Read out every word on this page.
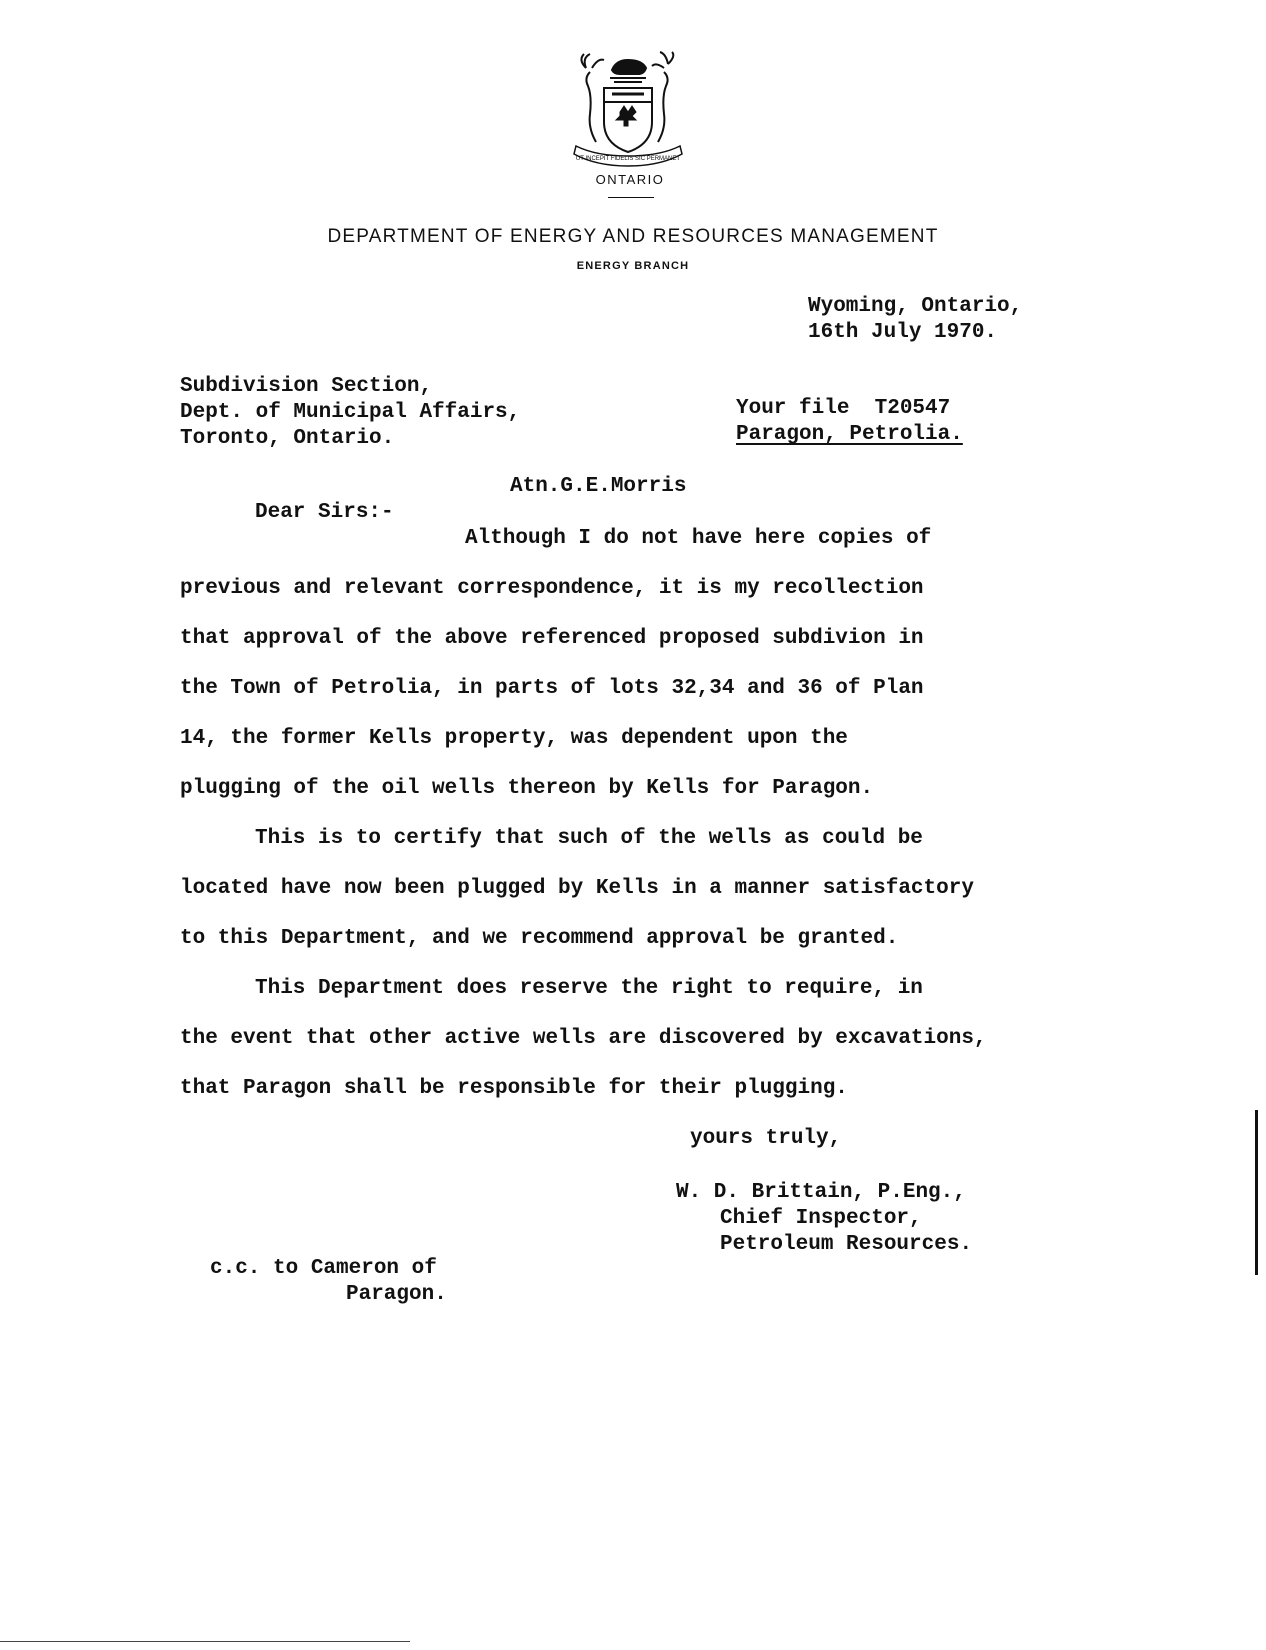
UT INCEPIT FIDELIS SIC PERMANET
ONTARIO
DEPARTMENT OF ENERGY AND RESOURCES MANAGEMENT
ENERGY BRANCH
Wyoming, Ontario,
16th July 1970.
Subdivision Section,
Dept. of Municipal Affairs,
Toronto, Ontario.
Your file  T20547
Paragon, Petrolia.
Atn.G.E.Morris
Dear Sirs:-
Although I do not have here copies of
previous and relevant correspondence, it is my recollection
that approval of the above referenced proposed subdivion in
the Town of Petrolia, in parts of lots 32,34 and 36 of Plan
14, the former Kells property, was dependent upon the
plugging of the oil wells thereon by Kells for Paragon.
This is to certify that such of the wells as could be
located have now been plugged by Kells in a manner satisfactory
to this Department, and we recommend approval be granted.
This Department does reserve the right to require, in
the event that other active wells are discovered by excavations,
that Paragon shall be responsible for their plugging.
yours truly,
W. D. Brittain, P.Eng.,
Chief Inspector,
Petroleum Resources.
c.c. to Cameron of
Paragon.
